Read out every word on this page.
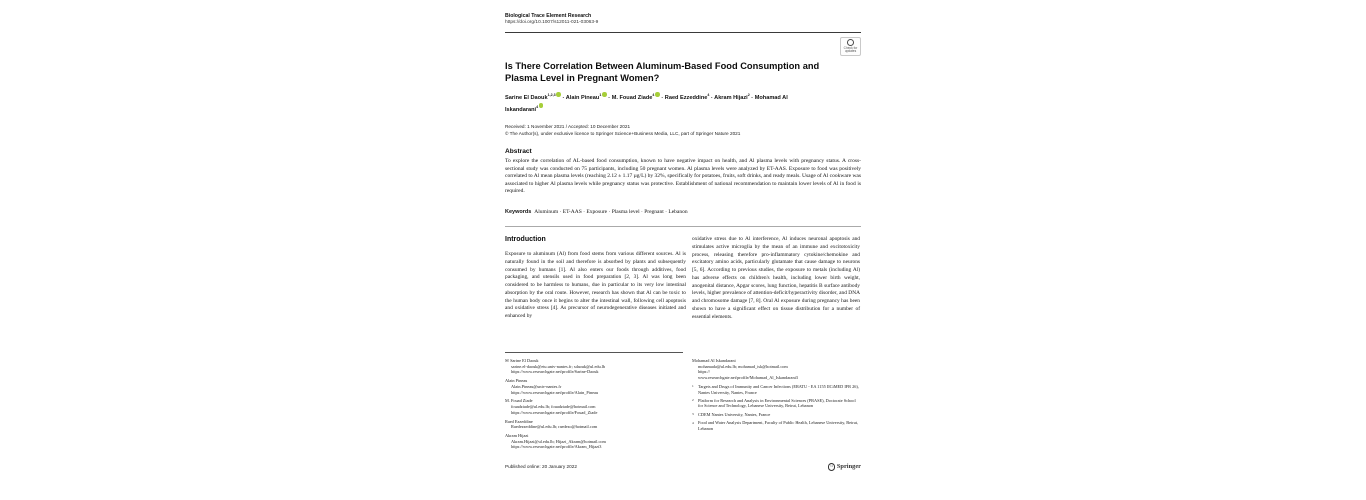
Biological Trace Element Research
https://doi.org/10.1007/s12011-021-03063-9
Check for updates
Is There Correlation Between Aluminum-Based Food Consumption and Plasma Level in Pregnant Women?
Sarine El Daouk$^{1,2,3}$ · Alain Pineau$^1$ · M. Fouad Ziade$^4$ · Raed Ezzeddine$^4$ · Akram Hijazi$^2$ · Mohamad Al Iskandarani$^4$
Received: 1 November 2021 / Accepted: 10 December 2021
© The Author(s), under exclusive licence to Springer Science+Business Media, LLC, part of Springer Nature 2021
Abstract
To explore the correlation of AL-based food consumption, known to have negative impact on health, and Al plasma levels with pregnancy status. A cross-sectional study was conducted on 75 participants, including 50 pregnant women. Al plasma levels were analyzed by ET-AAS. Exposure to food was positively correlated to Al mean plasma levels (reaching 2.12 ± 1.17 µg/L) by 32%, specifically for potatoes, fruits, soft drinks, and ready meals. Usage of Al cookware was associated to higher Al plasma levels while pregnancy status was protective. Establishment of national recommendation to maintain lower levels of Al in food is required.
Keywords Aluminum · ET-AAS · Exposure · Plasma level · Pregnant · Lebanon
Introduction

Exposure to aluminum (Al) from food stems from various different sources. Al is naturally found in the soil and therefore is absorbed by plants and subsequently consumed by humans [1]. Al also enters our foods through additives, food packaging, and utensils used in food preparation [2, 3]. Al was long been considered to be harmless to humans, due in particular to its very low intestinal absorption by the oral route. However, research has shown that Al can be toxic to the human body once it begins to alter the intestinal wall, following cell apoptosis and oxidative stress [4]. As precursor of neurodegenerative diseases initiated and enhanced by

oxidative stress due to Al interference, Al induces neuronal apoptosis and stimulates active microglia by the mean of an immune and excitotoxicity process, releasing therefore pro-inflammatory cytokine/chemokine and excitatory amino acids, particularly glutamate that cause damage to neurons [5, 6]. According to previous studies, the exposure to metals (including Al) has adverse effects on children's health, including lower birth weight, anogenital distance, Apgar scores, lung function, hepatitis B surface antibody levels, higher prevalence of attention-deficit/hyperactivity disorder, and DNA and chromosome damage [7, 8]. Oral Al exposure during pregnancy has been shown to have a significant effect on tissue distribution for a number of essential elements.

✉ Sarine El Daouk
sarine.el-daouk@etu.univ-nantes.fr; sdaouk@ul.edu.lb
https://www.researchgate.net/profile/Sarine-Daouk
Alain Pineau
Alain.Pineau@univ-nantes.fr
https://www.researchgate.net/profile/Alain_Pineau
M. Fouad Ziade
fouadziade@ul.edu.lb; fouadziade@hotmail.com
https://www.researchgate.net/profile/Fouad_Ziade
Raed Ezzeddine
Raedezzeddine@ul.edu.lb; raedezo@hotmail.com
Akram Hijazi
Akram.Hijazi@ul.edu.lb; Hijazi_Akram@hotmail.com
https://www.researchgate.net/profile/Akram_Hijazi3
Mohamad Al Iskandarani
mohamada@ul.edu.lb; mohamad_isk@hotmail.com
https://
www.researchgate.net/profile/Mohamad_Al_Iskandarani3
1 Targets and Drugs of Immunity and Cancer Infections (ERATU - EA 1155 IICiMED IFR 26), Nantes University, Nantes, France
2 Platform for Research and Analysis in Environmental Sciences (PRASE), Doctorate School for Science and Technology, Lebanese University, Beirut, Lebanon
3 CDEM Nantes University, Nantes, France
4 Food and Water Analysis Department, Faculty of Public Health, Lebanese University, Beirut, Lebanon
Published online: 20 January 2022	♘ Springer
